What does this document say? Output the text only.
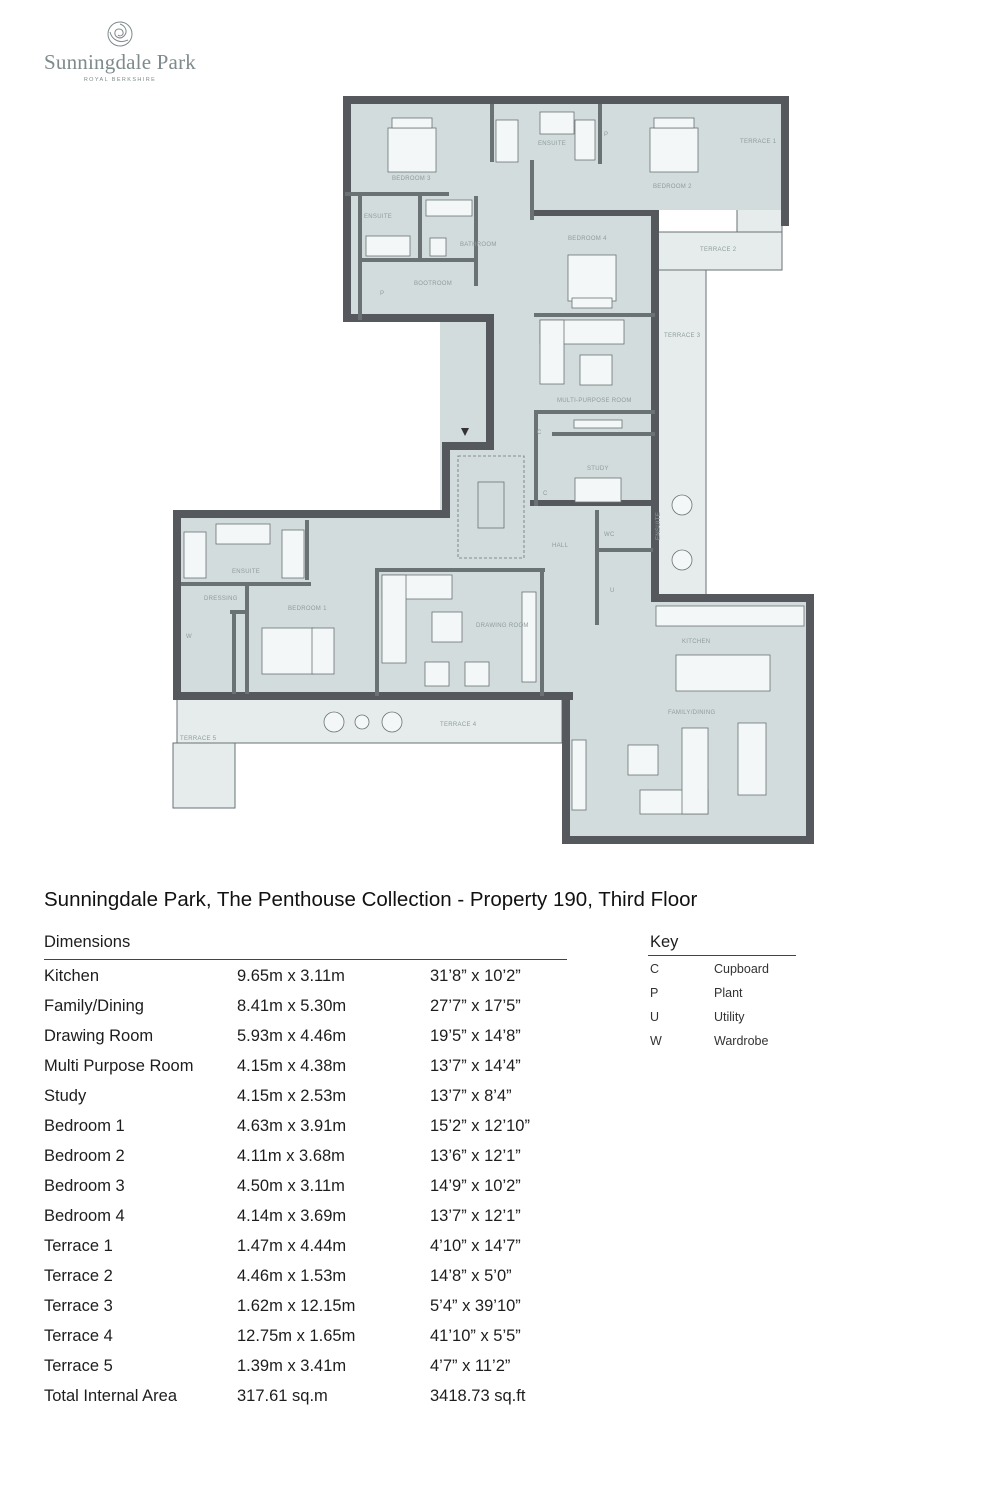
Sunningdale Park
ROYAL BERKSHIRE
BEDROOM 3
ENSUITE
ENSUITE
BEDROOM 2
TERRACE 1
TERRACE 2
TERRACE 3
BATHROOM
BOOTROOM
BEDROOM 4
MULTI-PURPOSE ROOM
STUDY
WC	ENSUITE
HALL
ENSUITE
DRESSING
BEDROOM 1
DRAWING ROOM
KITCHEN
FAMILY/DINING
TERRACE 4
TERRACE 5
P
P
C
C
U
W
Sunningdale Park, The Penthouse Collection - Property 190, Third Floor
Dimensions
Kitchen	9.65m x 3.11m	31’8” x 10’2”
Family/Dining	8.41m x 5.30m	27’7” x 17’5”
Drawing Room	5.93m x 4.46m	19’5” x 14’8”
Multi Purpose Room	4.15m x 4.38m	13’7” x 14’4”
Study	4.15m x 2.53m	13’7” x 8’4”
Bedroom 1	4.63m x 3.91m	15’2” x 12’10”
Bedroom 2	4.11m x 3.68m	13’6” x 12’1”
Bedroom 3	4.50m x 3.11m	14’9” x 10’2”
Bedroom 4	4.14m x 3.69m	13’7” x 12’1”
Terrace 1	1.47m x 4.44m	4’10” x 14’7”
Terrace 2	4.46m x 1.53m	14’8” x 5’0”
Terrace 3	1.62m x 12.15m	5’4” x 39’10”
Terrace 4	12.75m x 1.65m	41’10” x 5’5”
Terrace 5	1.39m x 3.41m	4’7” x 11’2”
Total Internal Area	317.61 sq.m	3418.73 sq.ft
Key
C	Cupboard
P	Plant
U	Utility
W	Wardrobe
